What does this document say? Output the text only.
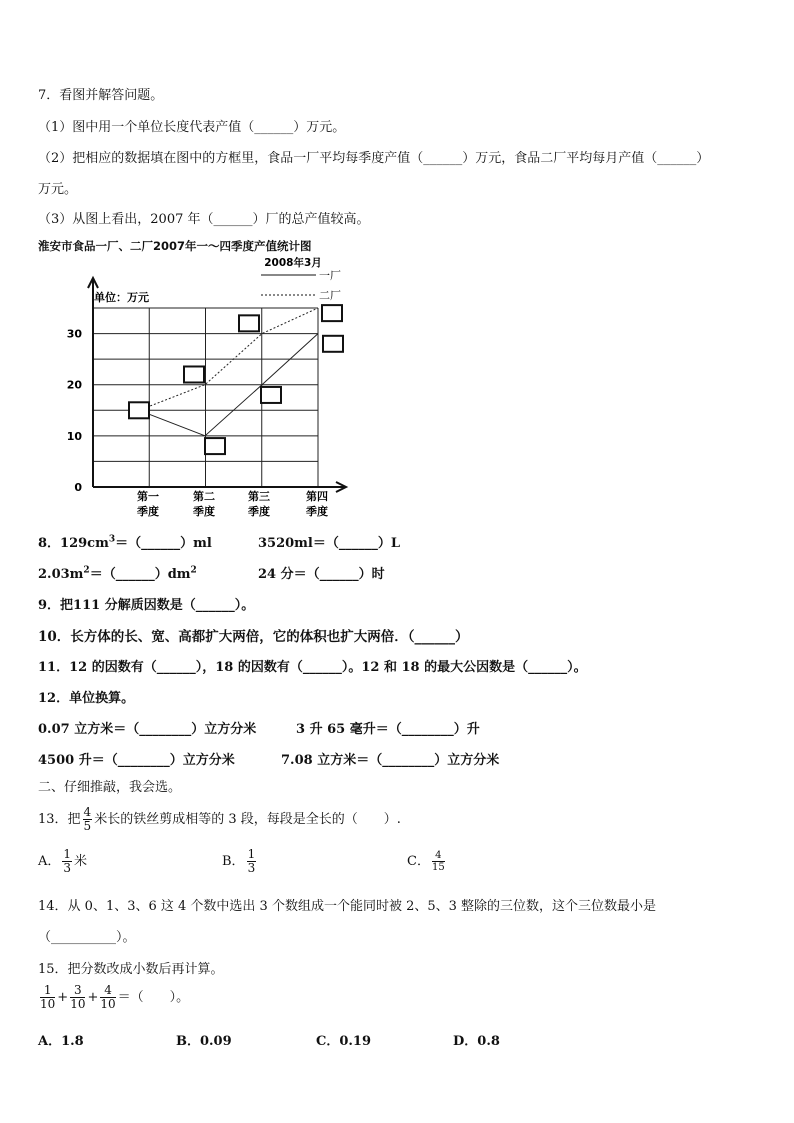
7．看图并解答问题。
（1）图中用一个单位长度代表产值（______）万元。
（2）把相应的数据填在图中的方框里，食品一厂平均每季度产值（______）万元，食品二厂平均每月产值（______）
万元。
（3）从图上看出，2007 年（______）厂的总产值较高。
淮安市食品一厂、二厂2007年一～四季度产值统计图
2008年3月
一厂
二厂
单位：万元
0
10
20
30
第一
季度
第二
季度
第三
季度
第四
季度
8．$129cm^3=(\_\_\_\_\_\_)ml$	3520ml＝（______）L
$2.03m^2=(\_\_\_\_\_\_)dm^2$	24 分＝（______）时
9．把111 分解质因数是（______）。
10．长方体的长、宽、高都扩大两倍，它的体积也扩大两倍．（______）
11．12 的因数有（______），18 的因数有（______）。12 和 18 的最大公因数是（______）。
12．单位换算。
0.07 立方米＝（________）立方分米	3 升 65 毫升＝（________）升
4500 升＝（________）立方分米	7.08 立方米＝（________）立方分米
二、仔细推敲，我会选。
13．把 $\frac{4}{5}$ 米长的铁丝剪成相等的 3 段，每段是全长的（　　）.
A． $\frac{1}{3}$ 米	B． $\frac{1}{3}$	C． $\frac{4}{15}$
14．从 0、1、3、6 这 4 个数中选出 3 个数组成一个能同时被 2、5、3 整除的三位数，这个三位数最小是
（__________）。
15．把分数改成小数后再计算。
$\frac{1}{10} + \frac{3}{10} + \frac{4}{10}$ ＝（　　）。
A．1.8	B．0.09	C．0.19	D．0.8
